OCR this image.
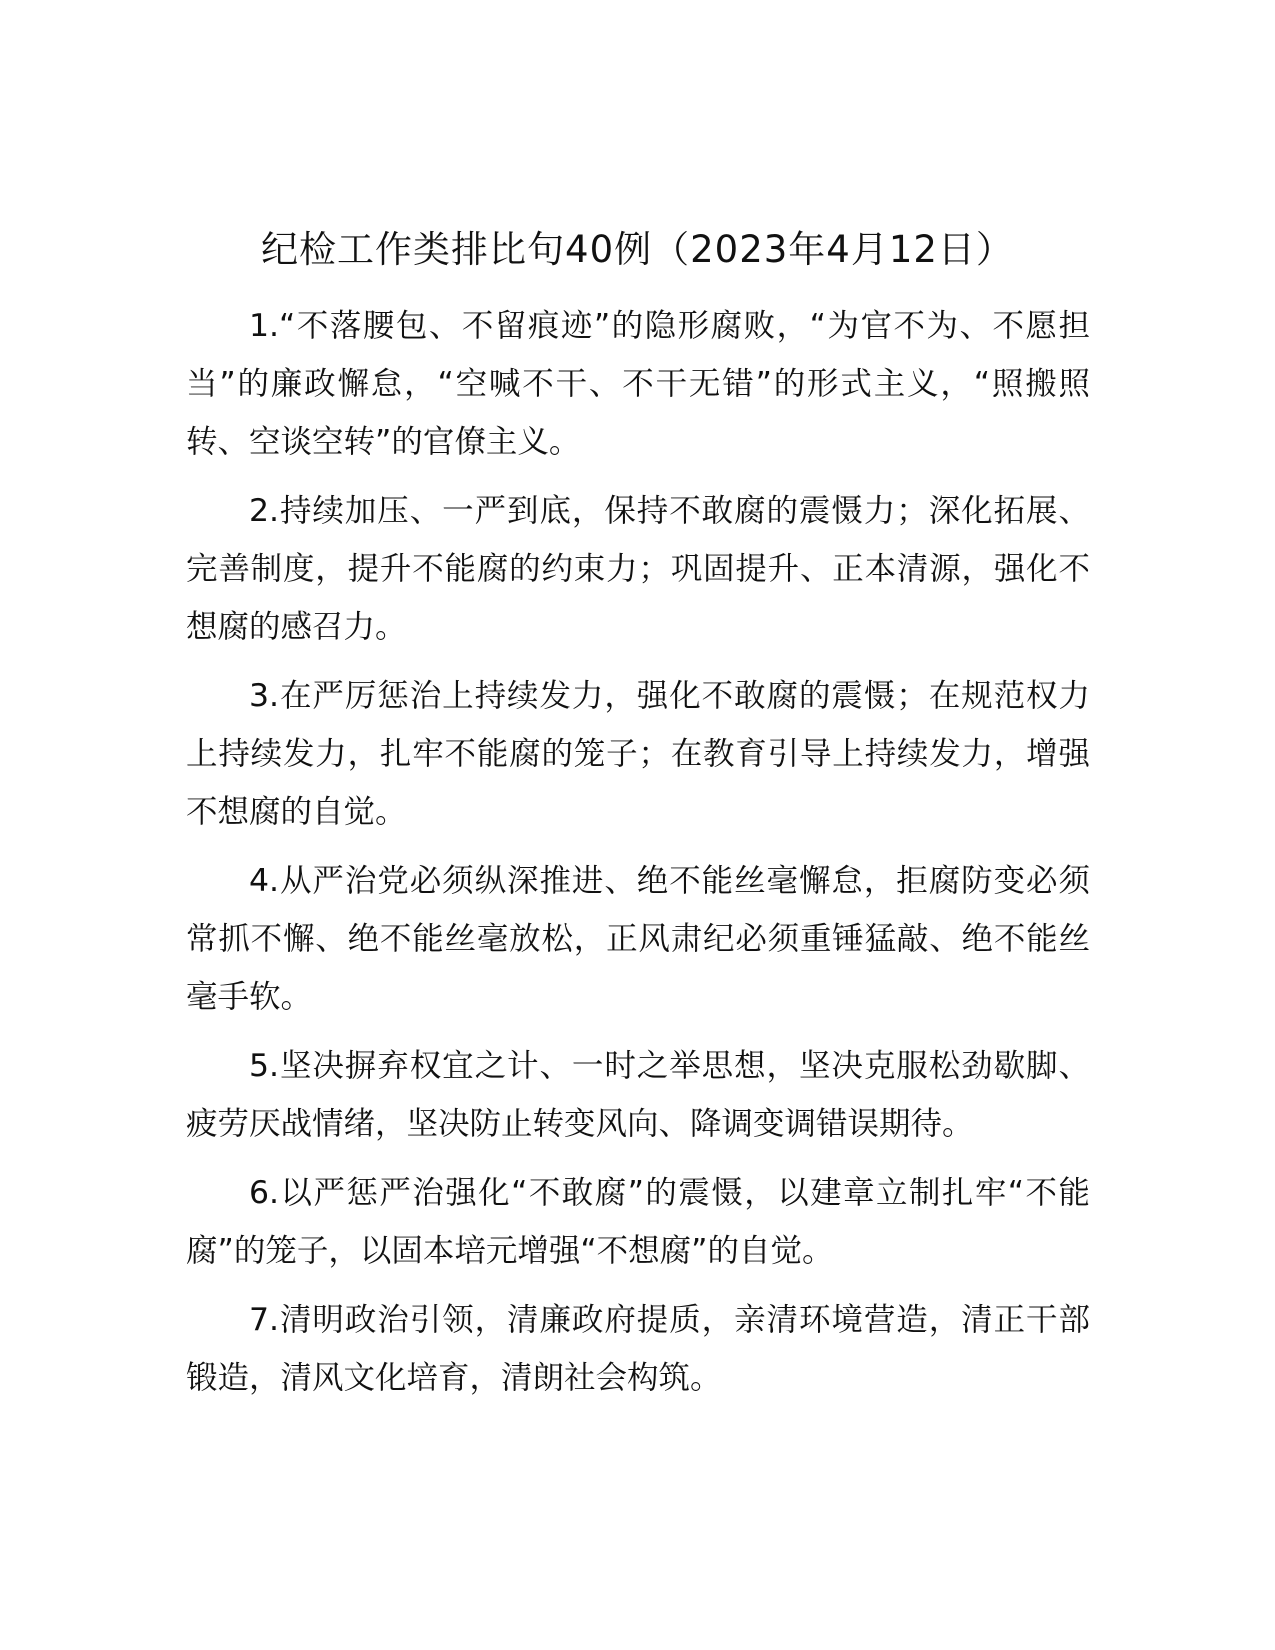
纪检工作类排比句40例（2023年4月12日）

1.“不落腰包、不留痕迹”的隐形腐败，“为官不为、不愿担当”的廉政懈怠，“空喊不干、不干无错”的形式主义，“照搬照转、空谈空转”的官僚主义。

2.持续加压、一严到底，保持不敢腐的震慑力；深化拓展、完善制度，提升不能腐的约束力；巩固提升、正本清源，强化不想腐的感召力。

3.在严厉惩治上持续发力，强化不敢腐的震慑；在规范权力上持续发力，扎牢不能腐的笼子；在教育引导上持续发力，增强不想腐的自觉。

4.从严治党必须纵深推进、绝不能丝毫懈怠，拒腐防变必须常抓不懈、绝不能丝毫放松，正风肃纪必须重锤猛敲、绝不能丝毫手软。

5.坚决摒弃权宜之计、一时之举思想，坚决克服松劲歇脚、疲劳厌战情绪，坚决防止转变风向、降调变调错误期待。

6.以严惩严治强化“不敢腐”的震慑，以建章立制扎牢“不能腐”的笼子，以固本培元增强“不想腐”的自觉。

7.清明政治引领，清廉政府提质，亲清环境营造，清正干部锻造，清风文化培育，清朗社会构筑。
